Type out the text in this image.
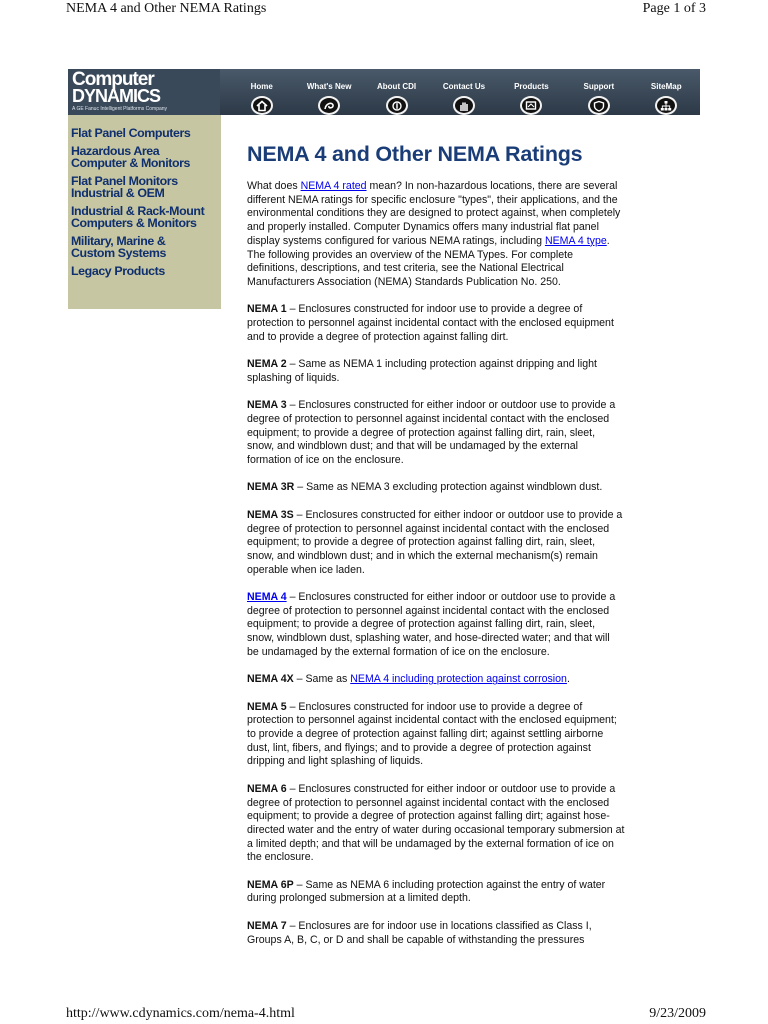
NEMA 4 and Other NEMA Ratings	Page 1 of 3
Computer
DYNAMICS
A GE Fanuc Intelligent Platforms Company
Home	What's New	About CDI	Contact Us	Products	Support	SiteMap
Flat Panel Computers
Hazardous Area
Computer & Monitors
Flat Panel Monitors
Industrial & OEM
Industrial & Rack-Mount
Computers & Monitors
Military, Marine &
Custom Systems
Legacy Products
NEMA 4 and Other NEMA Ratings
What does NEMA 4 rated mean? In non-hazardous locations, there are several
different NEMA ratings for specific enclosure "types", their applications, and the
environmental conditions they are designed to protect against, when completely
and properly installed. Computer Dynamics offers many industrial flat panel
display systems configured for various NEMA ratings, including NEMA 4 type.
The following provides an overview of the NEMA Types. For complete
definitions, descriptions, and test criteria, see the National Electrical
Manufacturers Association (NEMA) Standards Publication No. 250.
NEMA 1 – Enclosures constructed for indoor use to provide a degree of
protection to personnel against incidental contact with the enclosed equipment
and to provide a degree of protection against falling dirt.
NEMA 2 – Same as NEMA 1 including protection against dripping and light
splashing of liquids.
NEMA 3 – Enclosures constructed for either indoor or outdoor use to provide a
degree of protection to personnel against incidental contact with the enclosed
equipment; to provide a degree of protection against falling dirt, rain, sleet,
snow, and windblown dust; and that will be undamaged by the external
formation of ice on the enclosure.
NEMA 3R – Same as NEMA 3 excluding protection against windblown dust.
NEMA 3S – Enclosures constructed for either indoor or outdoor use to provide a
degree of protection to personnel against incidental contact with the enclosed
equipment; to provide a degree of protection against falling dirt, rain, sleet,
snow, and windblown dust; and in which the external mechanism(s) remain
operable when ice laden.
NEMA 4 – Enclosures constructed for either indoor or outdoor use to provide a
degree of protection to personnel against incidental contact with the enclosed
equipment; to provide a degree of protection against falling dirt, rain, sleet,
snow, windblown dust, splashing water, and hose-directed water; and that will
be undamaged by the external formation of ice on the enclosure.
NEMA 4X – Same as NEMA 4 including protection against corrosion.
NEMA 5 – Enclosures constructed for indoor use to provide a degree of
protection to personnel against incidental contact with the enclosed equipment;
to provide a degree of protection against falling dirt; against settling airborne
dust, lint, fibers, and flyings; and to provide a degree of protection against
dripping and light splashing of liquids.
NEMA 6 – Enclosures constructed for either indoor or outdoor use to provide a
degree of protection to personnel against incidental contact with the enclosed
equipment; to provide a degree of protection against falling dirt; against hose-
directed water and the entry of water during occasional temporary submersion at
a limited depth; and that will be undamaged by the external formation of ice on
the enclosure.
NEMA 6P – Same as NEMA 6 including protection against the entry of water
during prolonged submersion at a limited depth.
NEMA 7 – Enclosures are for indoor use in locations classified as Class I,
Groups A, B, C, or D and shall be capable of withstanding the pressures
http://www.cdynamics.com/nema-4.html	9/23/2009
